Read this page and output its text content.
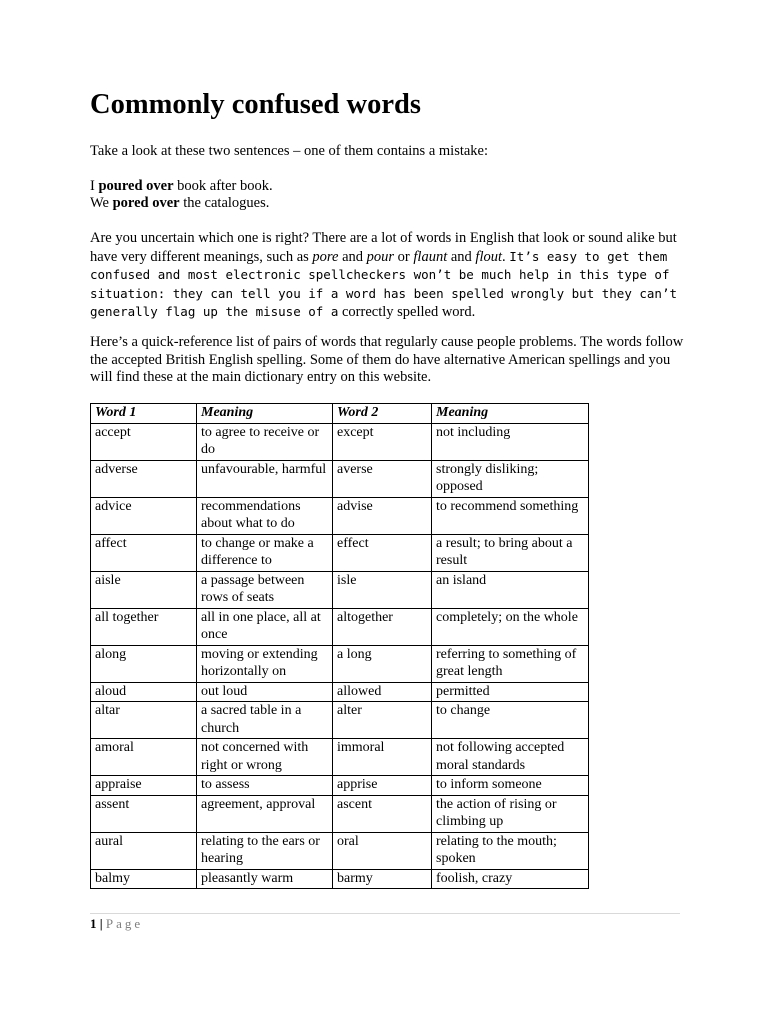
Commonly confused words

Take a look at these two sentences – one of them contains a mistake:

I poured over book after book.

We pored over the catalogues.

Are you uncertain which one is right? There are a lot of words in English that look or sound alike but have very different meanings, such as pore and pour or flaunt and flout. It’s easy to get them confused and most electronic spellcheckers won’t be much help in this type of situation: they can tell you if a word has been spelled wrongly but they can’t generally flag up the misuse of a correctly spelled word.

Here’s a quick-reference list of pairs of words that regularly cause people problems. The words follow the accepted British English spelling. Some of them do have alternative American spellings and you will find these at the main dictionary entry on this website.

Word 1	Meaning	Word 2	Meaning
accept	to agree to receive or do	except	not including
adverse	unfavourable, harmful	averse	strongly disliking; opposed
advice	recommendations about what to do	advise	to recommend something
affect	to change or make a difference to	effect	a result; to bring about a result
aisle	a passage between rows of seats	isle	an island
all together	all in one place, all at once	altogether	completely; on the whole
along	moving or extending horizontally on	a long	referring to something of great length
aloud	out loud	allowed	permitted
altar	a sacred table in a church	alter	to change
amoral	not concerned with right or wrong	immoral	not following accepted moral standards
appraise	to assess	apprise	to inform someone
assent	agreement, approval	ascent	the action of rising or climbing up
aural	relating to the ears or hearing	oral	relating to the mouth; spoken
balmy	pleasantly warm	barmy	foolish, crazy
1 | Page
